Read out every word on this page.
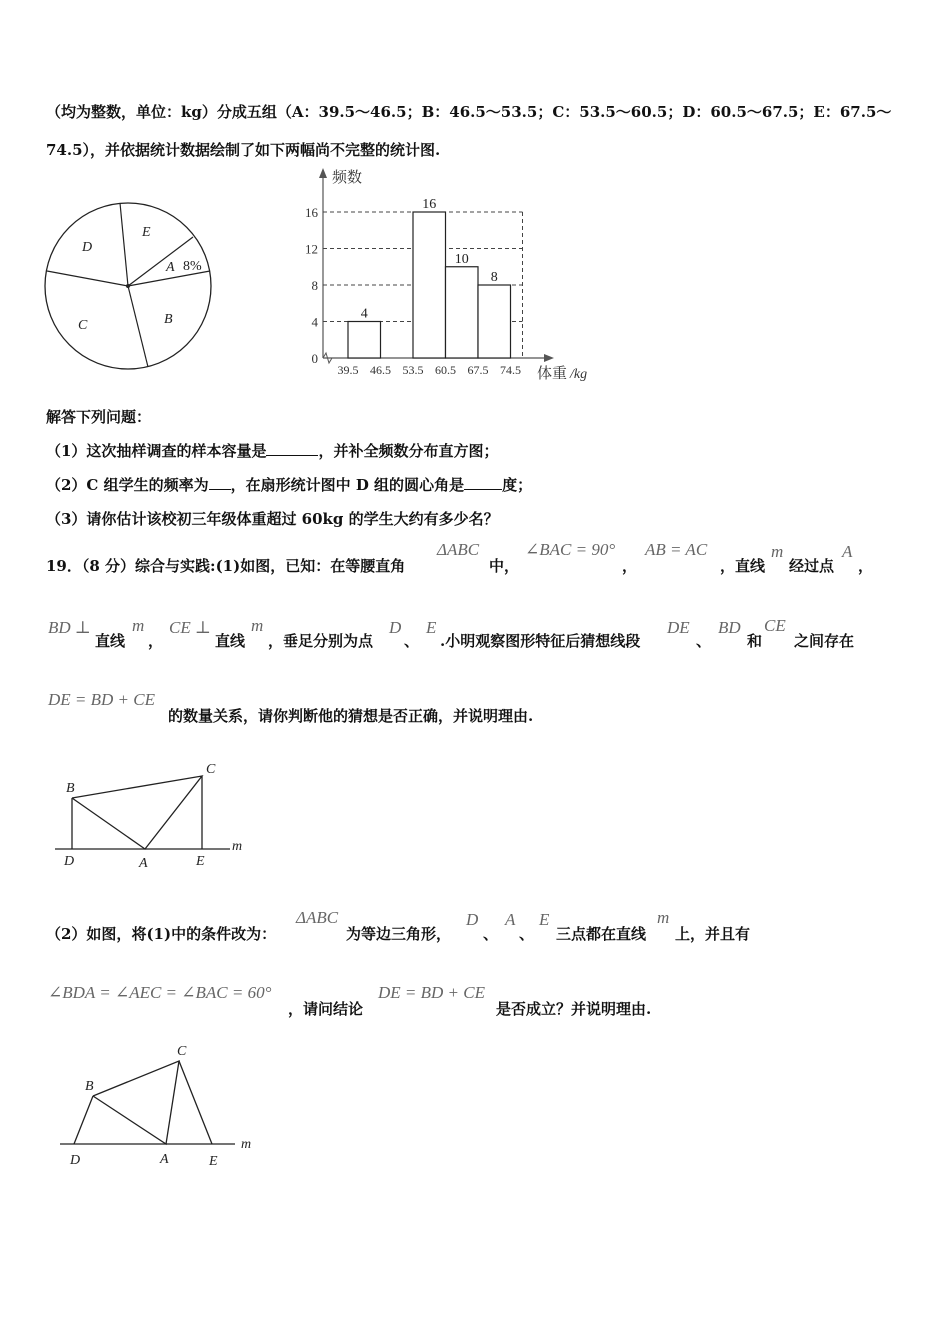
（均为整数，单位：kg）分成五组（A：39.5～46.5；B：46.5～53.5；C：53.5～60.5；D：60.5～67.5；E：67.5～
74.5），并依据统计数据绘制了如下两幅尚不完整的统计图.
D
E
A 8%
C	B
频数
体重 /kg
0
4
8
12
16
39.5 46.5 53.5 60.5 67.5 74.5
4
16
10
8
解答下列问题：
（1）这次抽样调查的样本容量是	，并补全频数分布直方图；
（2）C 组学生的频率为 ，在扇形统计图中 D 组的圆心角是	度；
（3）请你估计该校初三年级体重超过 60kg 的学生大约有多少名？
19．（8 分）综合与实践:(1)如图，已知：在等腰直角
ΔABC
中，
∠BAC = 90°
，
AB = AC
，直线
m
经过点
A
，
BD ⊥
直线
m
，
CE ⊥
直线
m
，垂足分别为点
D
、
E
.小明观察图形特征后猜想线段
DE
、
BD
和
CE
之间存在
DE = BD + CE
的数量关系，请你判断他的猜想是否正确，并说明理由.
B
C
D	A	E
m
（2）如图，将(1)中的条件改为：
ΔABC
为等边三角形，
D
、
A
、
E
三点都在直线
m
上，并且有
∠BDA = ∠AEC = ∠BAC = 60°
，请问结论
DE = BD + CE
是否成立？并说明理由.
C
B
D	A	E
m
